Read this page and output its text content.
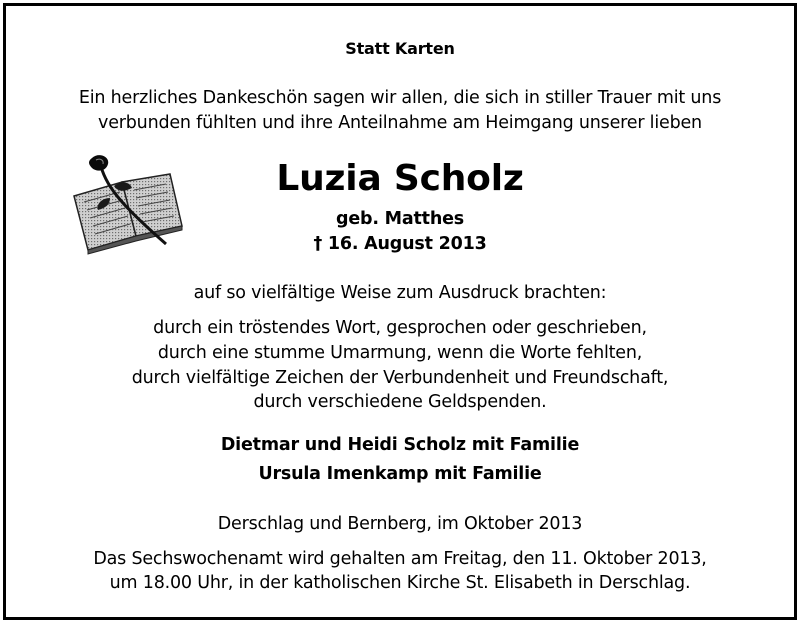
Statt Karten
Ein herzliches Dankeschön sagen wir allen, die sich in stiller Trauer mit uns
verbunden fühlten und ihre Anteilnahme am Heimgang unserer lieben
Luzia Scholz
geb. Matthes
† 16. August 2013
auf so vielfältige Weise zum Ausdruck brachten:
durch ein tröstendes Wort, gesprochen oder geschrieben,
durch eine stumme Umarmung, wenn die Worte fehlten,
durch vielfältige Zeichen der Verbundenheit und Freundschaft,
durch verschiedene Geldspenden.
Dietmar und Heidi Scholz mit Familie
Ursula Imenkamp mit Familie
Derschlag und Bernberg, im Oktober 2013
Das Sechswochenamt wird gehalten am Freitag, den 11. Oktober 2013,
um 18.00 Uhr, in der katholischen Kirche St. Elisabeth in Derschlag.
